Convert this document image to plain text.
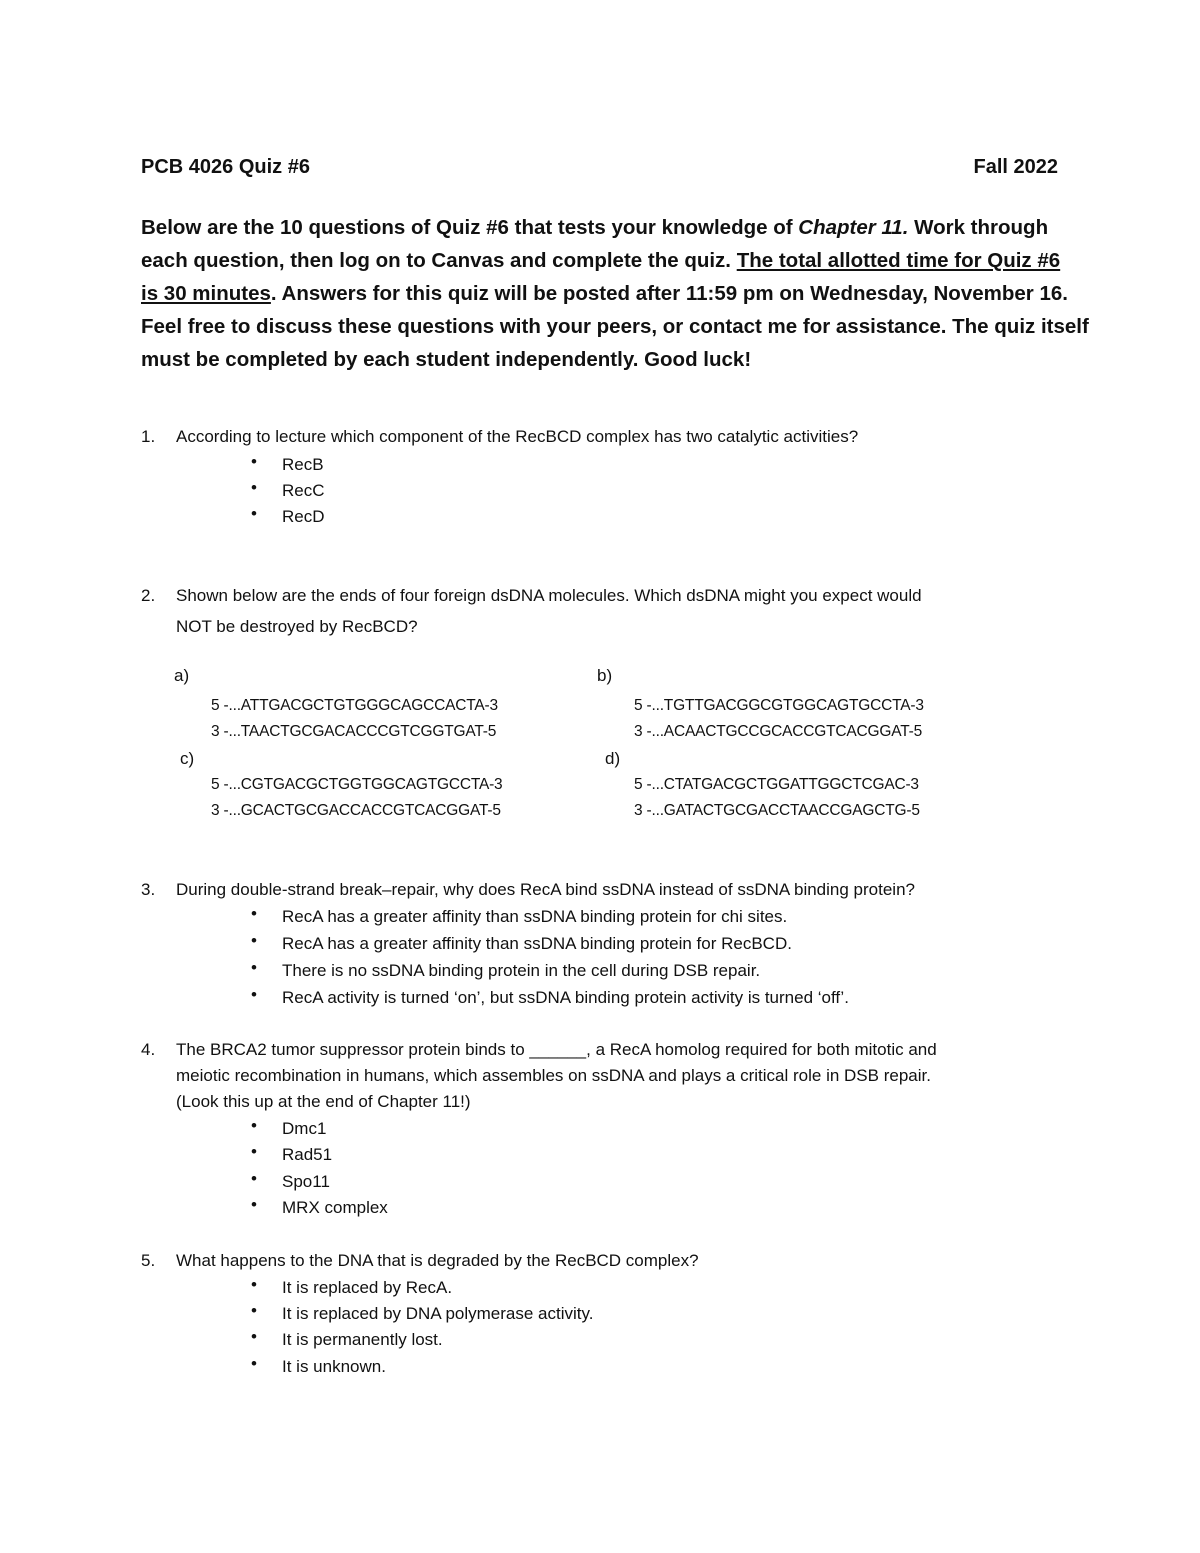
PCB 4026 Quiz #6	Fall 2022
Below are the 10 questions of Quiz #6 that tests your knowledge of Chapter 11. Work through
each question, then log on to Canvas and complete the quiz. The total allotted time for Quiz #6
is 30 minutes. Answers for this quiz will be posted after 11:59 pm on Wednesday, November 16.
Feel free to discuss these questions with your peers, or contact me for assistance. The quiz itself
must be completed by each student independently. Good luck!
1. According to lecture which component of the RecBCD complex has two catalytic activities?
• RecB
• RecC
• RecD
2. Shown below are the ends of four foreign dsDNA molecules. Which dsDNA might you expect would
NOT be destroyed by RecBCD?
a)
5 -...ATTGACGCTGTGGGCAGCCACTA-3
3 -...TAACTGCGACACCCGTCGGTGAT-5
b)
5 -...TGTTGACGGCGTGGCAGTGCCTA-3
3 -...ACAACTGCCGCACCGTCACGGAT-5
c)
5 -...CGTGACGCTGGTGGCAGTGCCTA-3
3 -...GCACTGCGACCACCGTCACGGAT-5
d)
5 -...CTATGACGCTGGATTGGCTCGAC-3
3 -...GATACTGCGACCTAACCGAGCTG-5
3. During double-strand break–repair, why does RecA bind ssDNA instead of ssDNA binding protein?
• RecA has a greater affinity than ssDNA binding protein for chi sites.
• RecA has a greater affinity than ssDNA binding protein for RecBCD.
• There is no ssDNA binding protein in the cell during DSB repair.
• RecA activity is turned ‘on’, but ssDNA binding protein activity is turned ‘off’.
4. The BRCA2 tumor suppressor protein binds to ______, a RecA homolog required for both mitotic and
meiotic recombination in humans, which assembles on ssDNA and plays a critical role in DSB repair.
(Look this up at the end of Chapter 11!)
• Dmc1
• Rad51
• Spo11
• MRX complex
5. What happens to the DNA that is degraded by the RecBCD complex?
• It is replaced by RecA.
• It is replaced by DNA polymerase activity.
• It is permanently lost.
• It is unknown.
